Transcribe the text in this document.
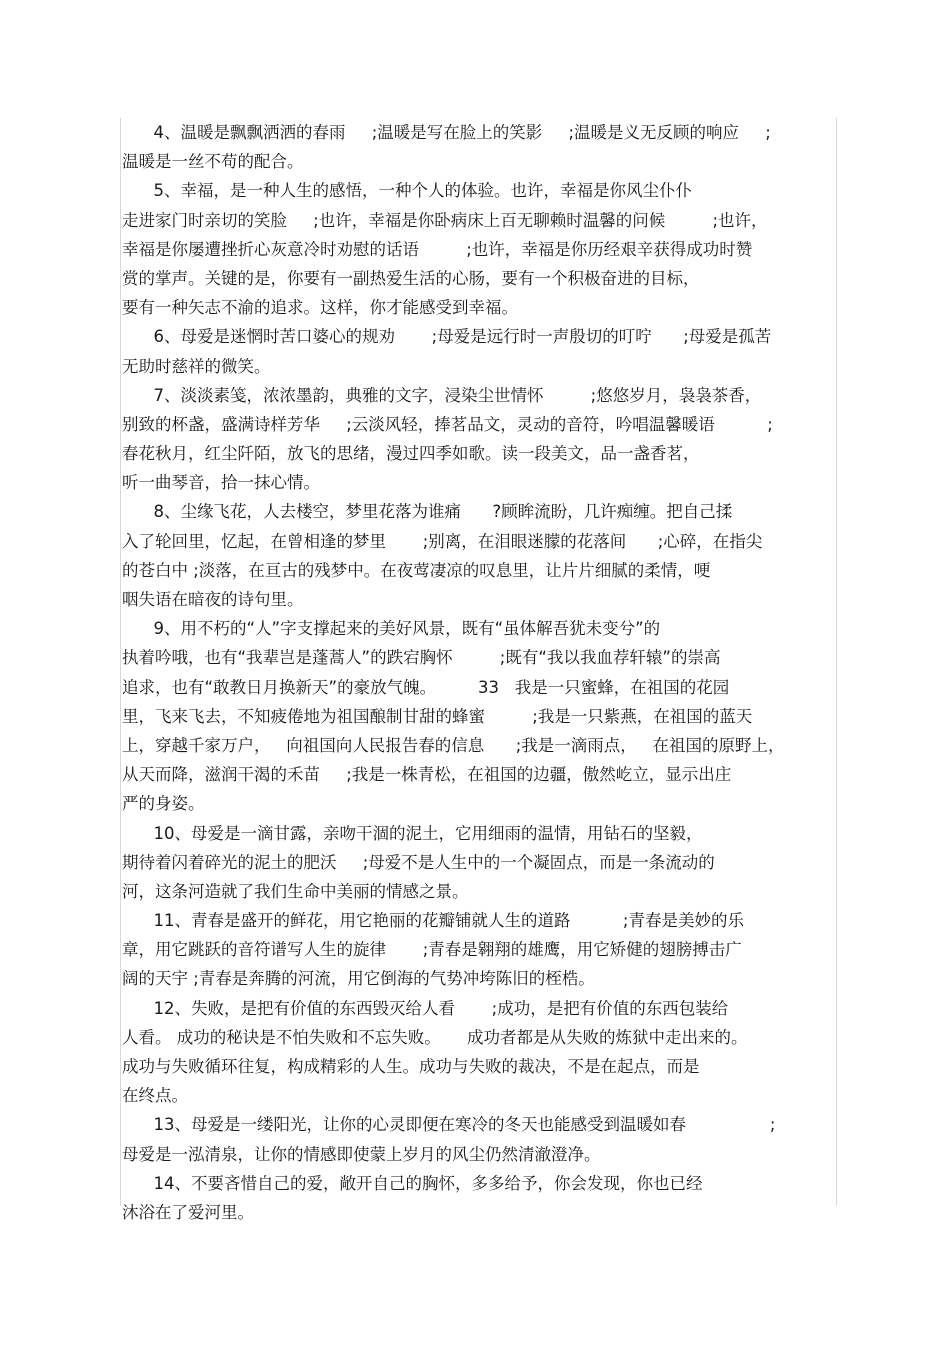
4、温暖是飘飘洒洒的春雨     ;温暖是写在脸上的笑影     ;温暖是义无反顾的响应     ;
温暖是一丝不苟的配合。
5、幸福，是一种人生的感悟，一种个人的体验。也许，幸福是你风尘仆仆
走进家门时亲切的笑脸     ;也许，幸福是你卧病床上百无聊赖时温馨的问候         ;也许，
幸福是你屡遭挫折心灰意冷时劝慰的话语         ;也许，幸福是你历经艰辛获得成功时赞
赏的掌声。关键的是，你要有一副热爱生活的心肠，要有一个积极奋进的目标，
要有一种矢志不渝的追求。这样，你才能感受到幸福。
6、母爱是迷惘时苦口婆心的规劝       ;母爱是远行时一声殷切的叮咛      ;母爱是孤苦
无助时慈祥的微笑。
7、淡淡素笺，浓浓墨韵，典雅的文字，浸染尘世情怀         ;悠悠岁月，袅袅茶香，
别致的杯盏，盛满诗样芳华     ;云淡风轻，捧茗品文，灵动的音符，吟唱温馨暖语          ;
春花秋月，红尘阡陌，放飞的思绪，漫过四季如歌。读一段美文，品一盏香茗，
听一曲琴音，拾一抹心情。
8、尘缘飞花，人去楼空，梦里花落为谁痛      ?顾眸流盼，几许痴缠。把自己揉
入了轮回里，忆起，在曾相逢的梦里       ;别离，在泪眼迷朦的花落间      ;心碎，在指尖
的苍白中 ;淡落，在亘古的残梦中。在夜莺凄凉的叹息里，让片片细腻的柔情，哽
咽失语在暗夜的诗句里。
9、用不朽的“人”字支撑起来的美好风景，既有“虽体解吾犹未变兮”的
执着吟哦，也有“我辈岂是蓬蒿人”的跌宕胸怀         ;既有“我以我血荐轩辕”的崇高
追求，也有“敢教日月换新天”的豪放气魄。        33   我是一只蜜蜂，在祖国的花园
里，飞来飞去，不知疲倦地为祖国酿制甘甜的蜂蜜         ;我是一只紫燕，在祖国的蓝天
上，穿越千家万户，   向祖国向人民报告春的信息      ;我是一滴雨点，   在祖国的原野上，
从天而降，滋润干渴的禾苗     ;我是一株青松，在祖国的边疆，傲然屹立，显示出庄
严的身姿。
10、母爱是一滴甘露，亲吻干涸的泥土，它用细雨的温情，用钻石的坚毅，
期待着闪着碎光的泥土的肥沃     ;母爱不是人生中的一个凝固点，而是一条流动的
河，这条河造就了我们生命中美丽的情感之景。
11、青春是盛开的鲜花，用它艳丽的花瓣铺就人生的道路          ;青春是美妙的乐
章，用它跳跃的音符谱写人生的旋律       ;青春是翱翔的雄鹰，用它矫健的翅膀搏击广
阔的天宇 ;青春是奔腾的河流，用它倒海的气势冲垮陈旧的桎梏。
12、失败，是把有价值的东西毁灭给人看       ;成功，是把有价值的东西包装给
人看。 成功的秘诀是不怕失败和不忘失败。     成功者都是从失败的炼狱中走出来的。
成功与失败循环往复，构成精彩的人生。成功与失败的裁决，不是在起点，而是
在终点。
13、母爱是一缕阳光，让你的心灵即便在寒冷的冬天也能感受到温暖如春                ;
母爱是一泓清泉，让你的情感即使蒙上岁月的风尘仍然清澈澄净。
14、不要吝惜自己的爱，敞开自己的胸怀，多多给予，你会发现，你也已经
沐浴在了爱河里。
